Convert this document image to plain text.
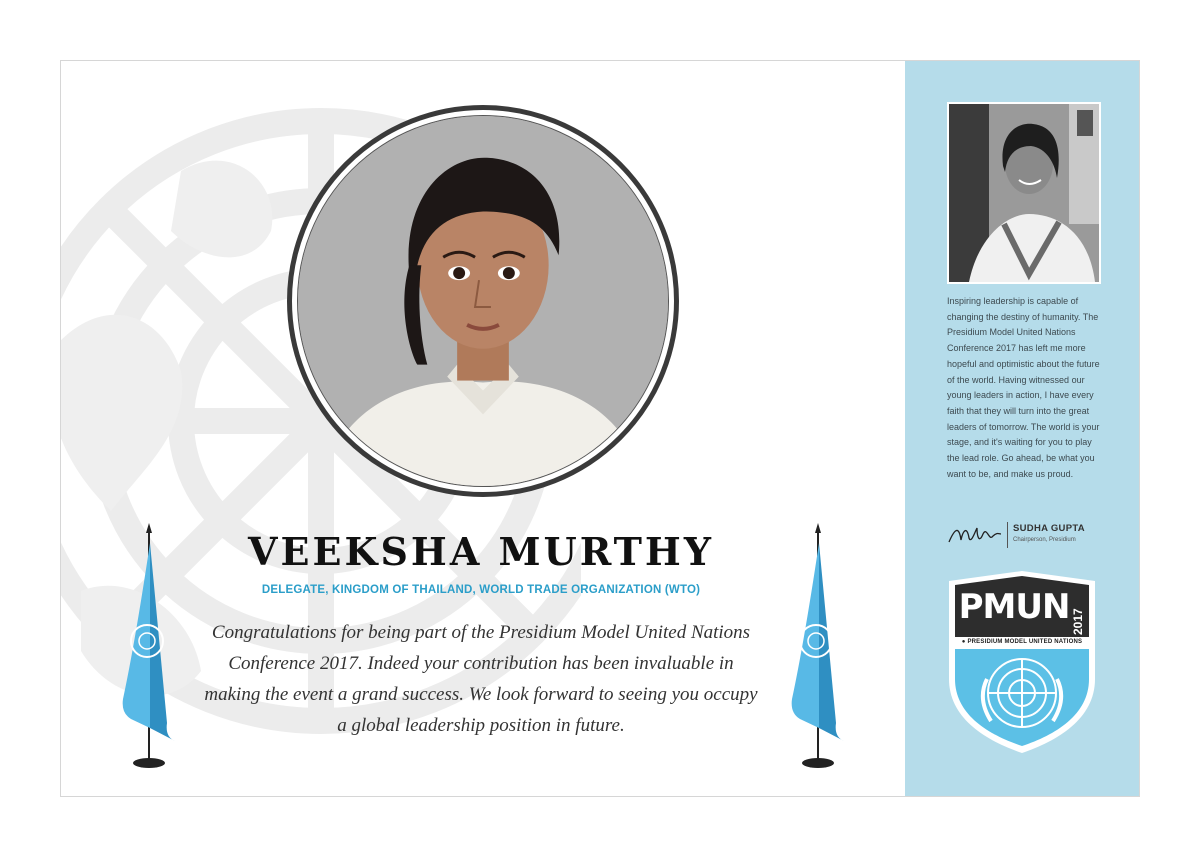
VEEKSHA MURTHY
DELEGATE, KINGDOM OF THAILAND, WORLD TRADE ORGANIZATION (WTO)

Congratulations for being part of the Presidium Model United Nations Conference 2017. Indeed your contribution has been invaluable in making the event a grand success. We look forward to seeing you occupy a global leadership position in future.

Inspiring leadership is capable of changing the destiny of humanity. The Presidium Model United Nations Conference 2017 has left me more hopeful and optimistic about the future of the world. Having witnessed our young leaders in action, I have every faith that they will turn into the great leaders of tomorrow. The world is your stage, and it's waiting for you to play the lead role. Go ahead, be what you want to be, and make us proud.

SUDHA GUPTA
Chairperson, Presidium
PMUN 2017
● PRESIDIUM MODEL UNITED NATIONS
